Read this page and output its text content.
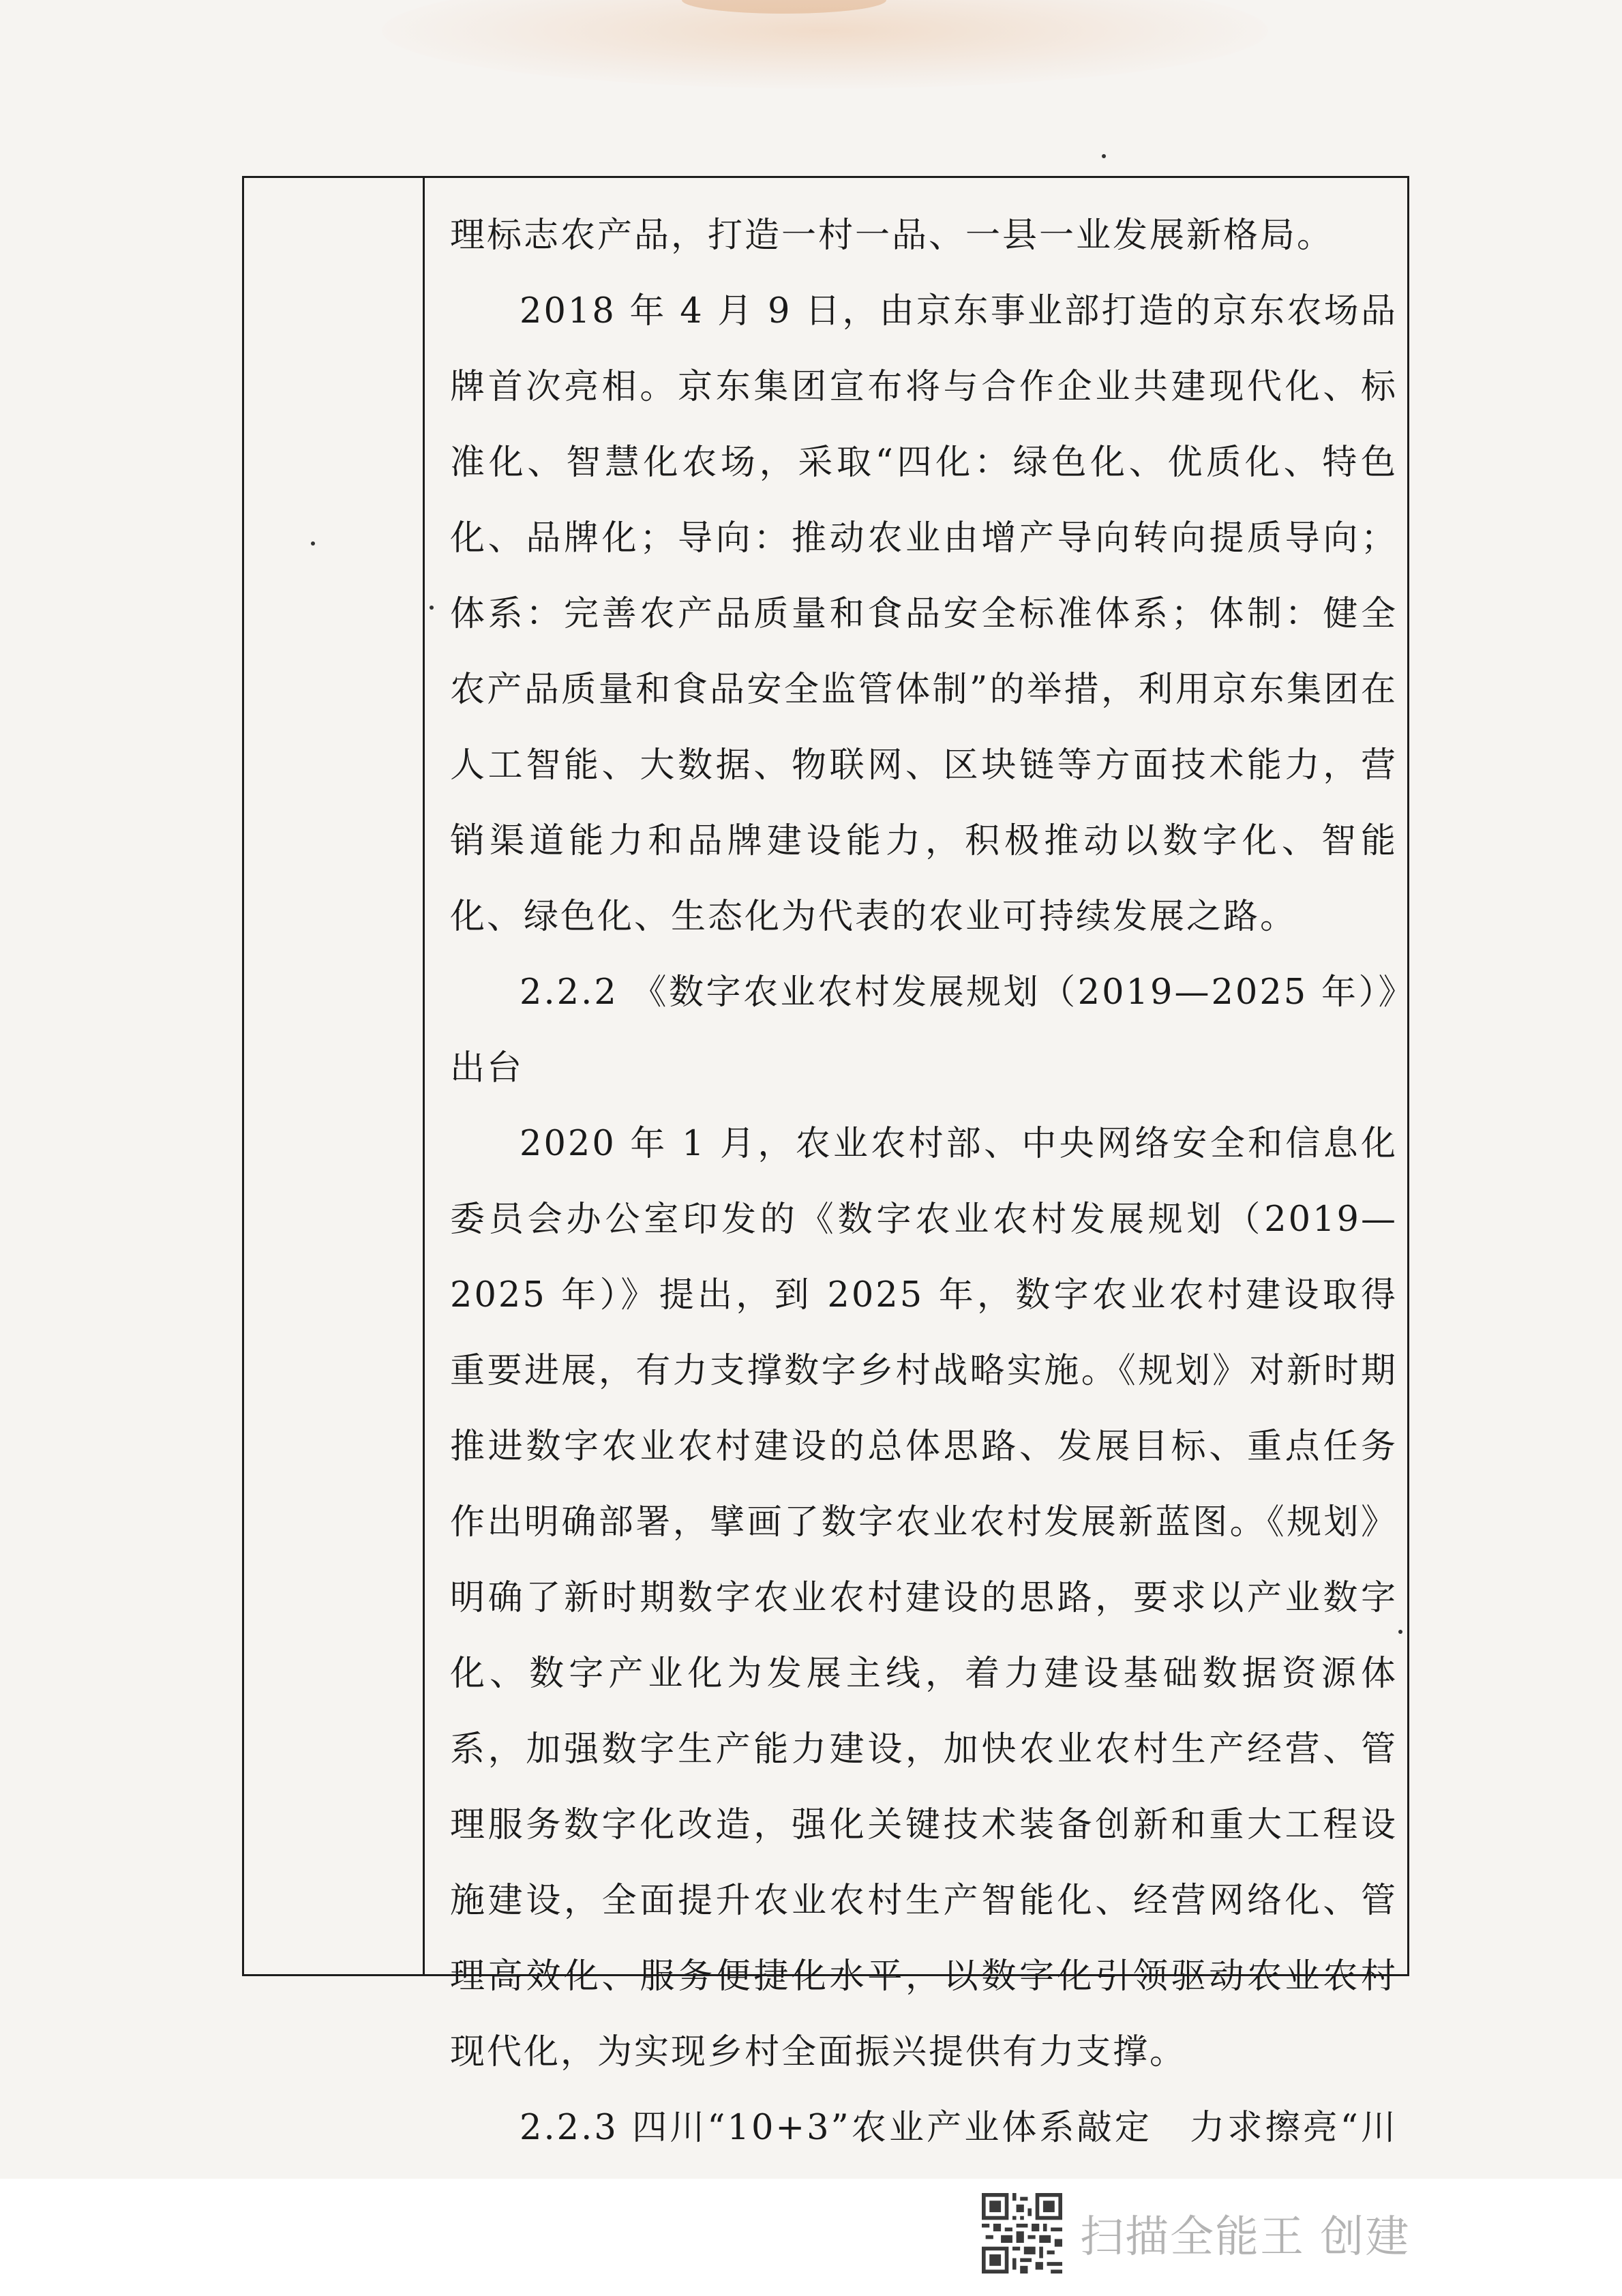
理标志农产品，打造一村一品、一县一业发展新格局。

2018 年 4 月 9 日，由京东事业部打造的京东农场品牌首次亮相。京东集团宣布将与合作企业共建现代化、标准化、智慧化农场，采取“四化：绿色化、优质化、特色化、品牌化；导向：推动农业由增产导向转向提质导向；体系：完善农产品质量和食品安全标准体系；体制：健全农产品质量和食品安全监管体制”的举措，利用京东集团在人工智能、大数据、物联网、区块链等方面技术能力，营销渠道能力和品牌建设能力，积极推动以数字化、智能化、绿色化、生态化为代表的农业可持续发展之路。

2.2.2 《数字农业农村发展规划（2019—2025 年）》出台

2020 年 1 月，农业农村部、中央网络安全和信息化委员会办公室印发的《数字农业农村发展规划（2019—2025 年）》提出，到 2025 年，数字农业农村建设取得重要进展，有力支撑数字乡村战略实施。《规划》对新时期推进数字农业农村建设的总体思路、发展目标、重点任务作出明确部署，擘画了数字农业农村发展新蓝图。《规划》明确了新时期数字农业农村建设的思路，要求以产业数字化、数字产业化为发展主线，着力建设基础数据资源体系，加强数字生产能力建设，加快农业农村生产经营、管理服务数字化改造，强化关键技术装备创新和重大工程设施建设，全面提升农业农村生产智能化、经营网络化、管理高效化、服务便捷化水平，以数字化引领驱动农业农村现代化，为实现乡村全面振兴提供有力支撑。

2.2.3 四川“10+3”农业产业体系敲定　力求擦亮“川

扫描全能王 创建
